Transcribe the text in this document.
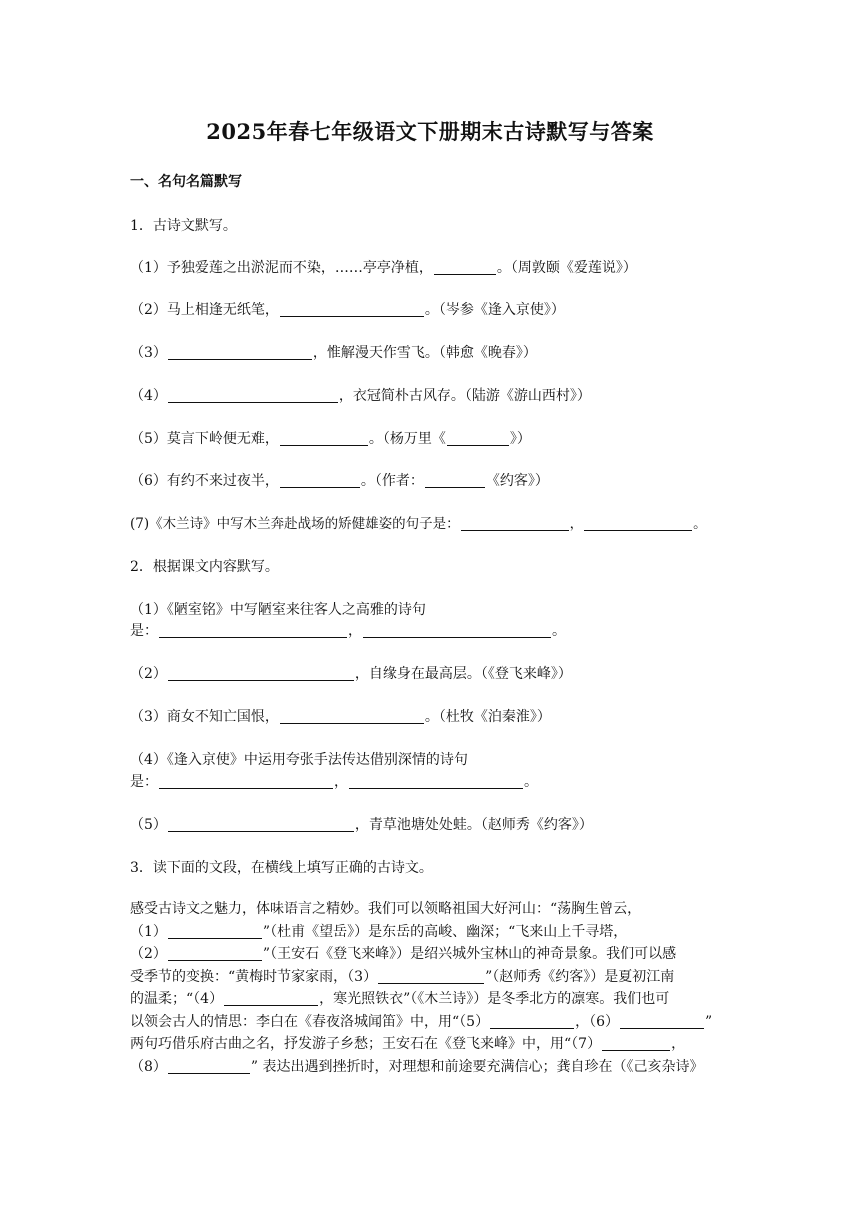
2025年春七年级语文下册期末古诗默写与答案
一、名句名篇默写
1．古诗文默写。
（1）予独爱莲之出淤泥而不染，……亭亭净植，	。（周敦颐《爱莲说》）
（2）马上相逢无纸笔，	。（岑参《逢入京使》）
（3）	，惟解漫天作雪飞。（韩愈《晚春》）
（4）	，衣冠简朴古风存。（陆游《游山西村》）
（5）莫言下岭便无难，	。（杨万里《	》）
（6）有约不来过夜半，	。（作者：	《约客》）
(7)《木兰诗》中写木兰奔赴战场的矫健雄姿的句子是：	，	。
2．根据课文内容默写。
（1）《陋室铭》中写陋室来往客人之高雅的诗句
是：	，	。
（2）	，自缘身在最高层。（《登飞来峰》）
（3）商女不知亡国恨，	。（杜牧《泊秦淮》）
（4）《逢入京使》中运用夸张手法传达借别深情的诗句
是：	，	。
（5）	，青草池塘处处蛙。（赵师秀《约客》）
3．读下面的文段，在横线上填写正确的古诗文。

感受古诗文之魅力，体味语言之精妙。我们可以领略祖国大好河山：“荡胸生曾云，

（1）	”（杜甫《望岳》）是东岳的高峻、幽深；“飞来山上千寻塔，

（2）	”（王安石《登飞来峰》）是绍兴城外宝林山的神奇景象。我们可以感

受季节的变换：“黄梅时节家家雨，（3）	”（赵师秀《约客》）是夏初江南

的温柔；“（4）	，寒光照铁衣”（《木兰诗》）是冬季北方的凛寒。我们也可

以领会古人的情思：李白在《春夜洛城闻笛》中，用“（5）	，（6）	”

两句巧借乐府古曲之名，抒发游子乡愁；王安石在《登飞来峰》中，用“（7）	，

（8）	” 表达出遇到挫折时，对理想和前途要充满信心；龚自珍在（《己亥杂诗》
